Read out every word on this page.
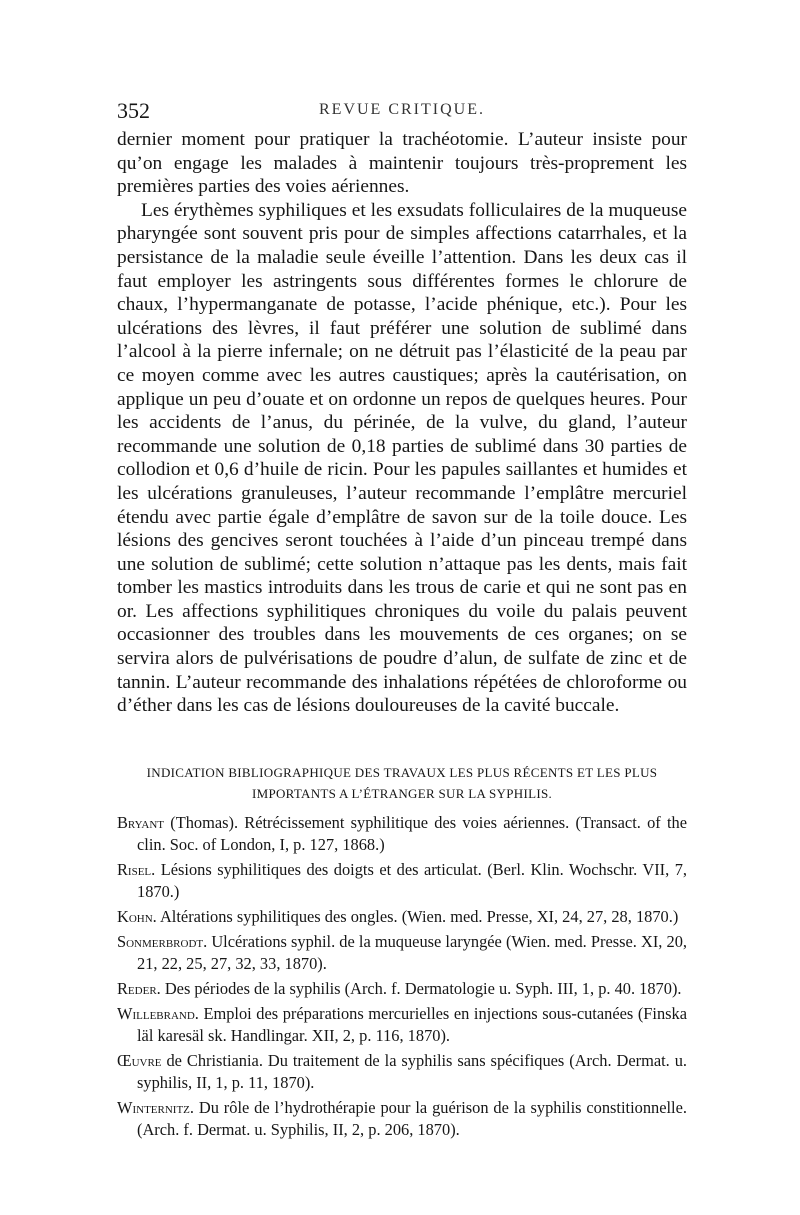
352	REVUE CRITIQUE.

dernier moment pour pratiquer la trachéotomie. L’auteur insiste pour qu’on engage les malades à maintenir toujours très-proprement les premières parties des voies aériennes.

Les érythèmes syphiliques et les exsudats folliculaires de la muqueuse pharyngée sont souvent pris pour de simples affections catarrhales, et la persistance de la maladie seule éveille l’attention. Dans les deux cas il faut employer les astringents sous différentes formes le chlorure de chaux, l’hypermanganate de potasse, l’acide phénique, etc.). Pour les ulcérations des lèvres, il faut préférer une solution de sublimé dans l’alcool à la pierre infernale; on ne détruit pas l’élasticité de la peau par ce moyen comme avec les autres caustiques; après la cautérisation, on applique un peu d’ouate et on ordonne un repos de quelques heures. Pour les accidents de l’anus, du périnée, de la vulve, du gland, l’auteur recommande une solution de 0,18 parties de sublimé dans 30 parties de collodion et 0,6 d’huile de ricin. Pour les papules saillantes et humides et les ulcérations granuleuses, l’auteur recommande l’emplâtre mercuriel étendu avec partie égale d’emplâtre de savon sur de la toile douce. Les lésions des gencives seront touchées à l’aide d’un pinceau trempé dans une solution de sublimé; cette solution n’attaque pas les dents, mais fait tomber les mastics introduits dans les trous de carie et qui ne sont pas en or. Les affections syphilitiques chroniques du voile du palais peuvent occasionner des troubles dans les mouvements de ces organes; on se servira alors de pulvérisations de poudre d’alun, de sulfate de zinc et de tannin. L’auteur recommande des inhalations répétées de chloroforme ou d’éther dans les cas de lésions douloureuses de la cavité buccale.

INDICATION BIBLIOGRAPHIQUE DES TRAVAUX LES PLUS RÉCENTS ET LES PLUS
IMPORTANTS A L’ÉTRANGER SUR LA SYPHILIS.

Bryant (Thomas). Rétrécissement syphilitique des voies aériennes. (Transact. of the clin. Soc. of London, I, p. 127, 1868.)

Risel. Lésions syphilitiques des doigts et des articulat. (Berl. Klin. Wochschr. VII, 7, 1870.)

Kohn. Altérations syphilitiques des ongles. (Wien. med. Presse, XI, 24, 27, 28, 1870.)

Sonmerbrodt. Ulcérations syphil. de la muqueuse laryngée (Wien. med. Presse. XI, 20, 21, 22, 25, 27, 32, 33, 1870).

Reder. Des périodes de la syphilis (Arch. f. Dermatologie u. Syph. III, 1, p. 40. 1870).

Willebrand. Emploi des préparations mercurielles en injections sous-cutanées (Finska läl karesäl sk. Handlingar. XII, 2, p. 116, 1870).

Œuvre de Christiania. Du traitement de la syphilis sans spécifiques (Arch. Dermat. u. syphilis, II, 1, p. 11, 1870).

Winternitz. Du rôle de l’hydrothérapie pour la guérison de la syphilis constitionnelle. (Arch. f. Dermat. u. Syphilis, II, 2, p. 206, 1870).
